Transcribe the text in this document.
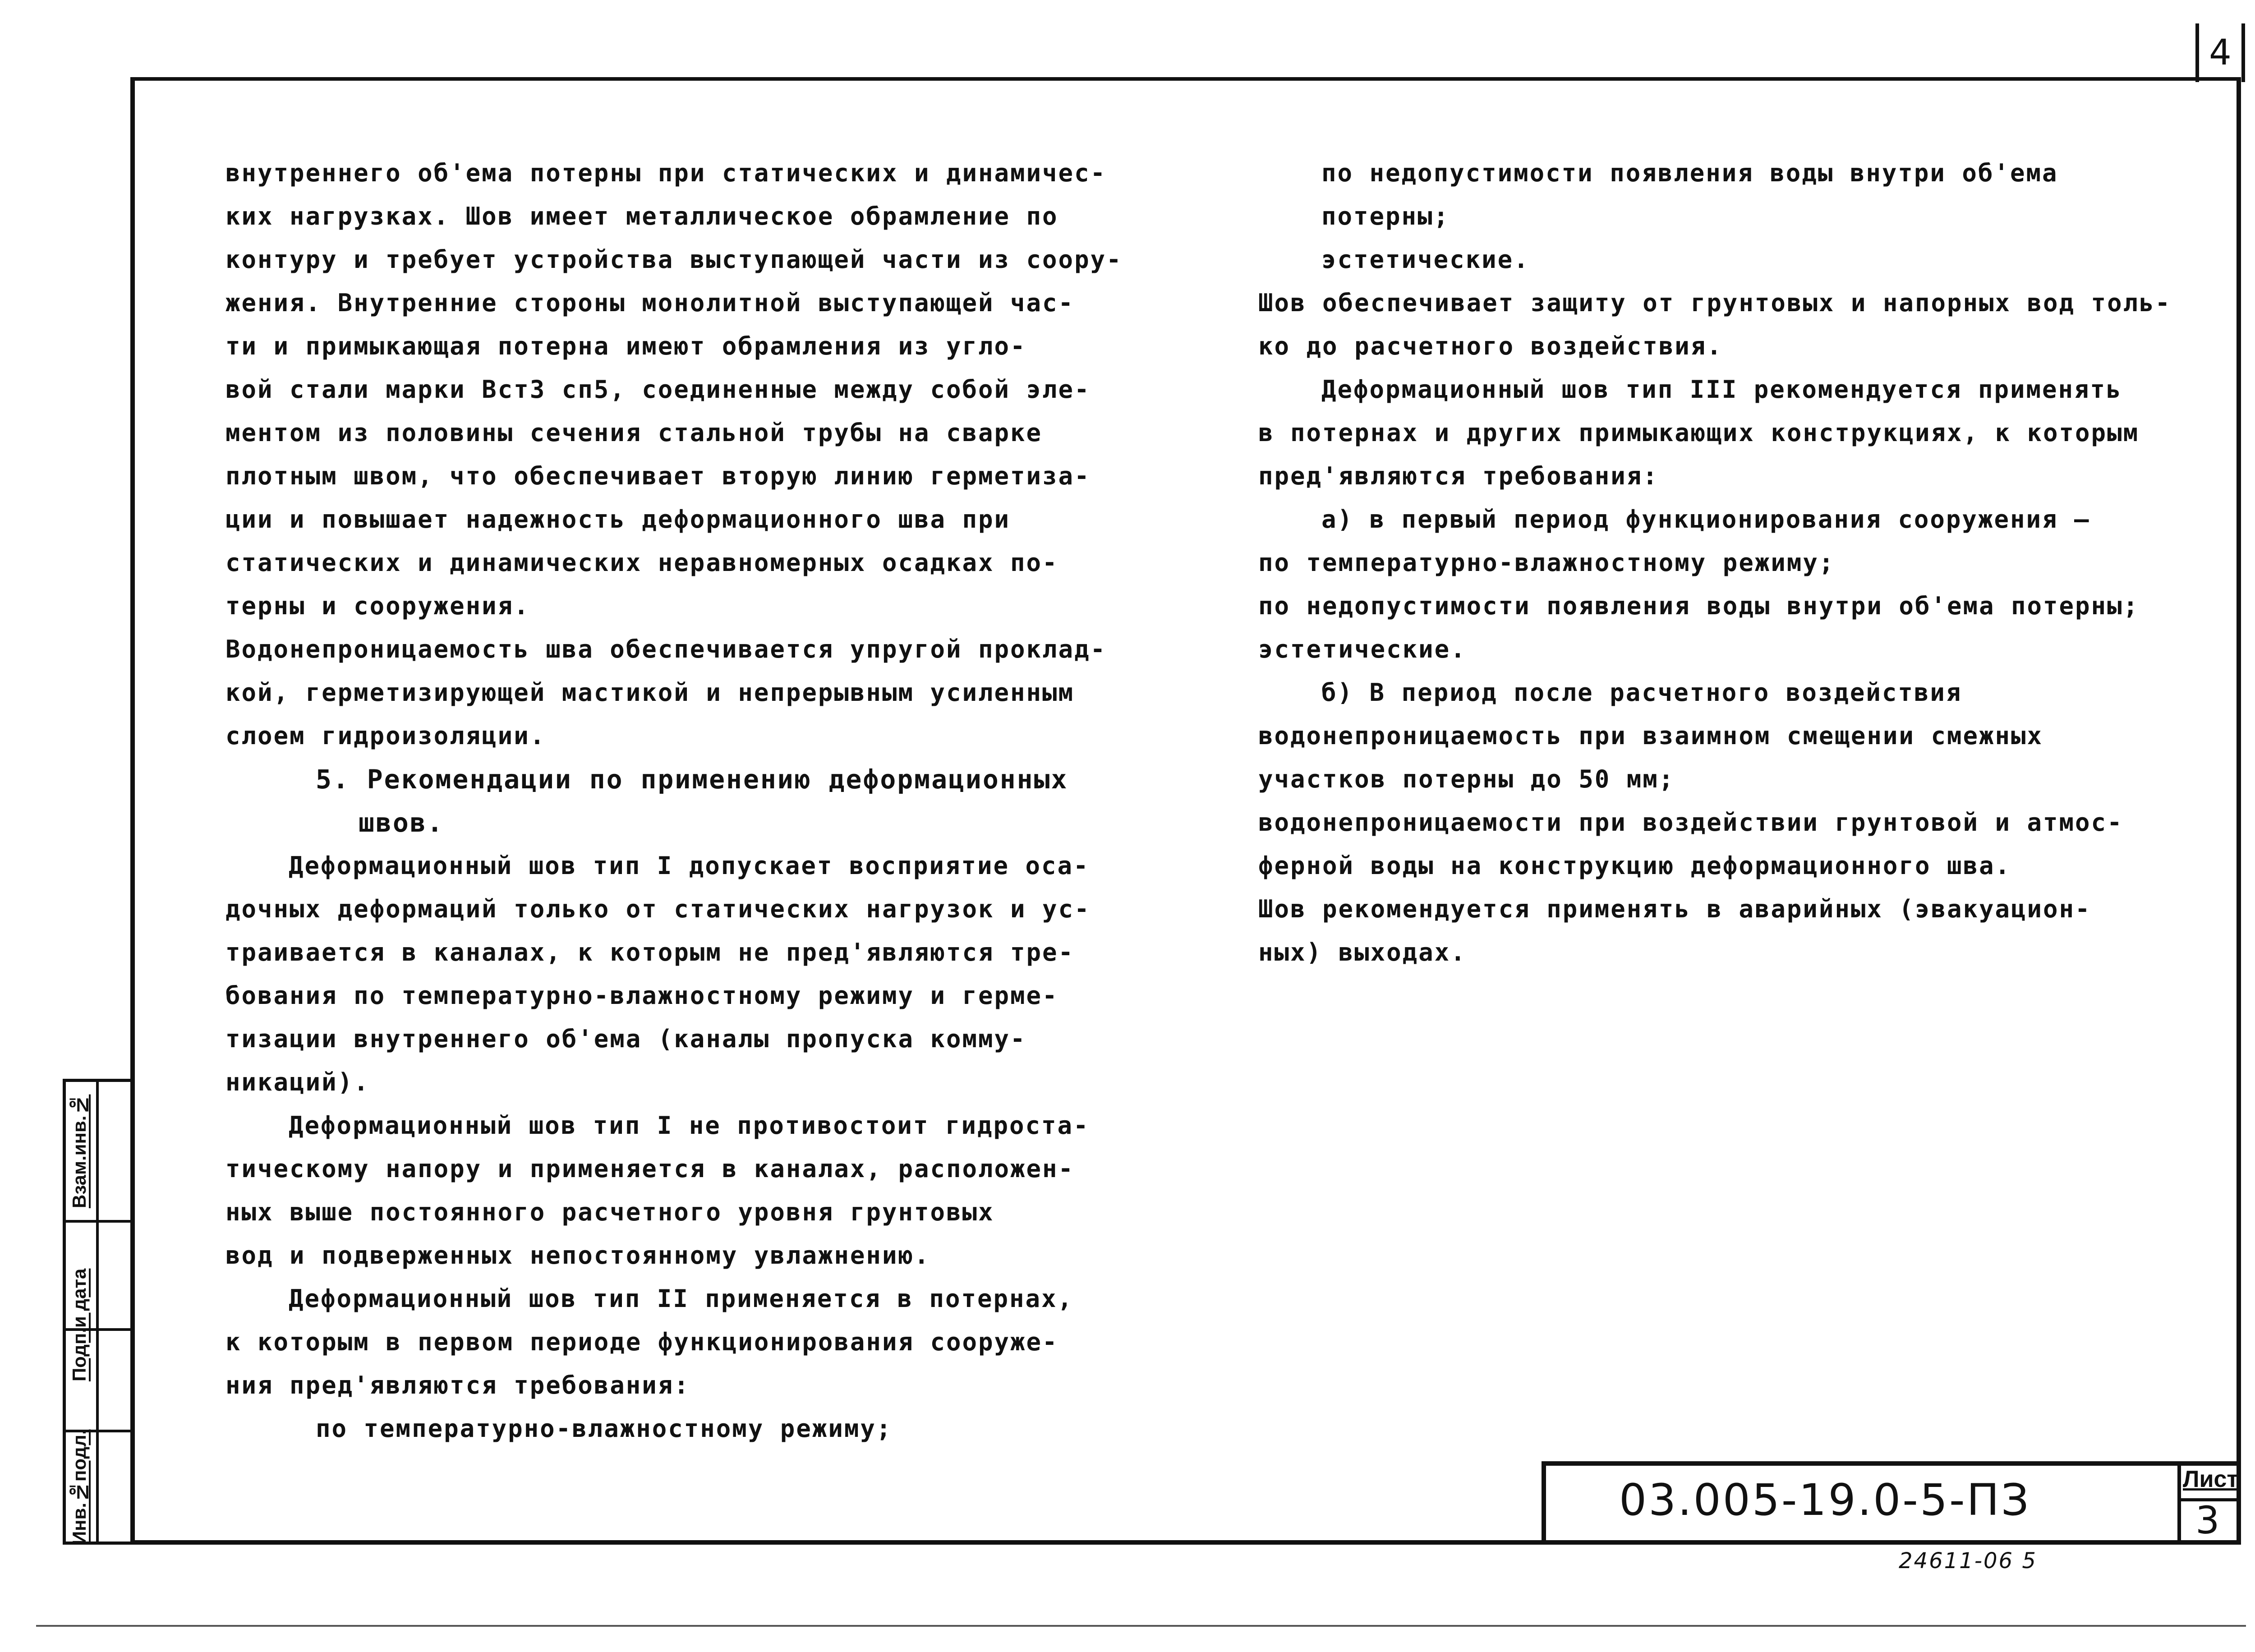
4
Взам.инв.№
Подп.и дата
Инв.№подл.
внутреннего об'ема потерны при статических и динамичес-
ких нагрузках. Шов имеет металлическое обрамление по
контуру и требует устройства выступающей части из соору-
жения. Внутренние стороны монолитной выступающей час-
ти и примыкающая потерна имеют обрамления из угло-
вой стали марки Вст3 сп5, соединенные между собой эле-
ментом из половины сечения стальной трубы на сварке
плотным швом, что обеспечивает вторую линию герметиза-
ции и повышает надежность деформационного шва при
статических и динамических неравномерных осадках по-
терны и сооружения.
Водонепроницаемость шва обеспечивается упругой проклад-
кой, герметизирующей мастикой и непрерывным усиленным
слоем гидроизоляции.
5. Рекомендации по применению деформационных
швов.
Деформационный шов тип І допускает восприятие оса-
дочных деформаций только от статических нагрузок и ус-
траивается в каналах, к которым не пред'являются тре-
бования по температурно-влажностному режиму и герме-
тизации внутреннего об'ема (каналы пропуска комму-
никаций).
Деформационный шов тип І не противостоит гидроста-
тическому напору и применяется в каналах, расположен-
ных выше постоянного расчетного уровня грунтовых
вод и подверженных непостоянному увлажнению.
Деформационный шов тип ІІ применяется в потернах,
к которым в первом периоде функционирования сооруже-
ния пред'являются требования:
по температурно-влажностному режиму;
по недопустимости появления воды внутри об'ема
потерны;
эстетические.
Шов обеспечивает защиту от грунтовых и напорных вод толь-
ко до расчетного воздействия.
Деформационный шов тип ІІІ рекомендуется применять
в потернах и других примыкающих конструкциях, к которым
пред'являются требования:
а) в первый период функционирования сооружения —
по температурно-влажностному режиму;
по недопустимости появления воды внутри об'ема потерны;
эстетические.
б) В период после расчетного воздействия
водонепроницаемость при взаимном смещении смежных
участков потерны до 50 мм;
водонепроницаемости при воздействии грунтовой и атмос-
ферной воды на конструкцию деформационного шва.
Шов рекомендуется применять в аварийных (эвакуацион-
ных) выходах.
03.005-19.0-5-ПЗ	Лист
3
24611-06 5
